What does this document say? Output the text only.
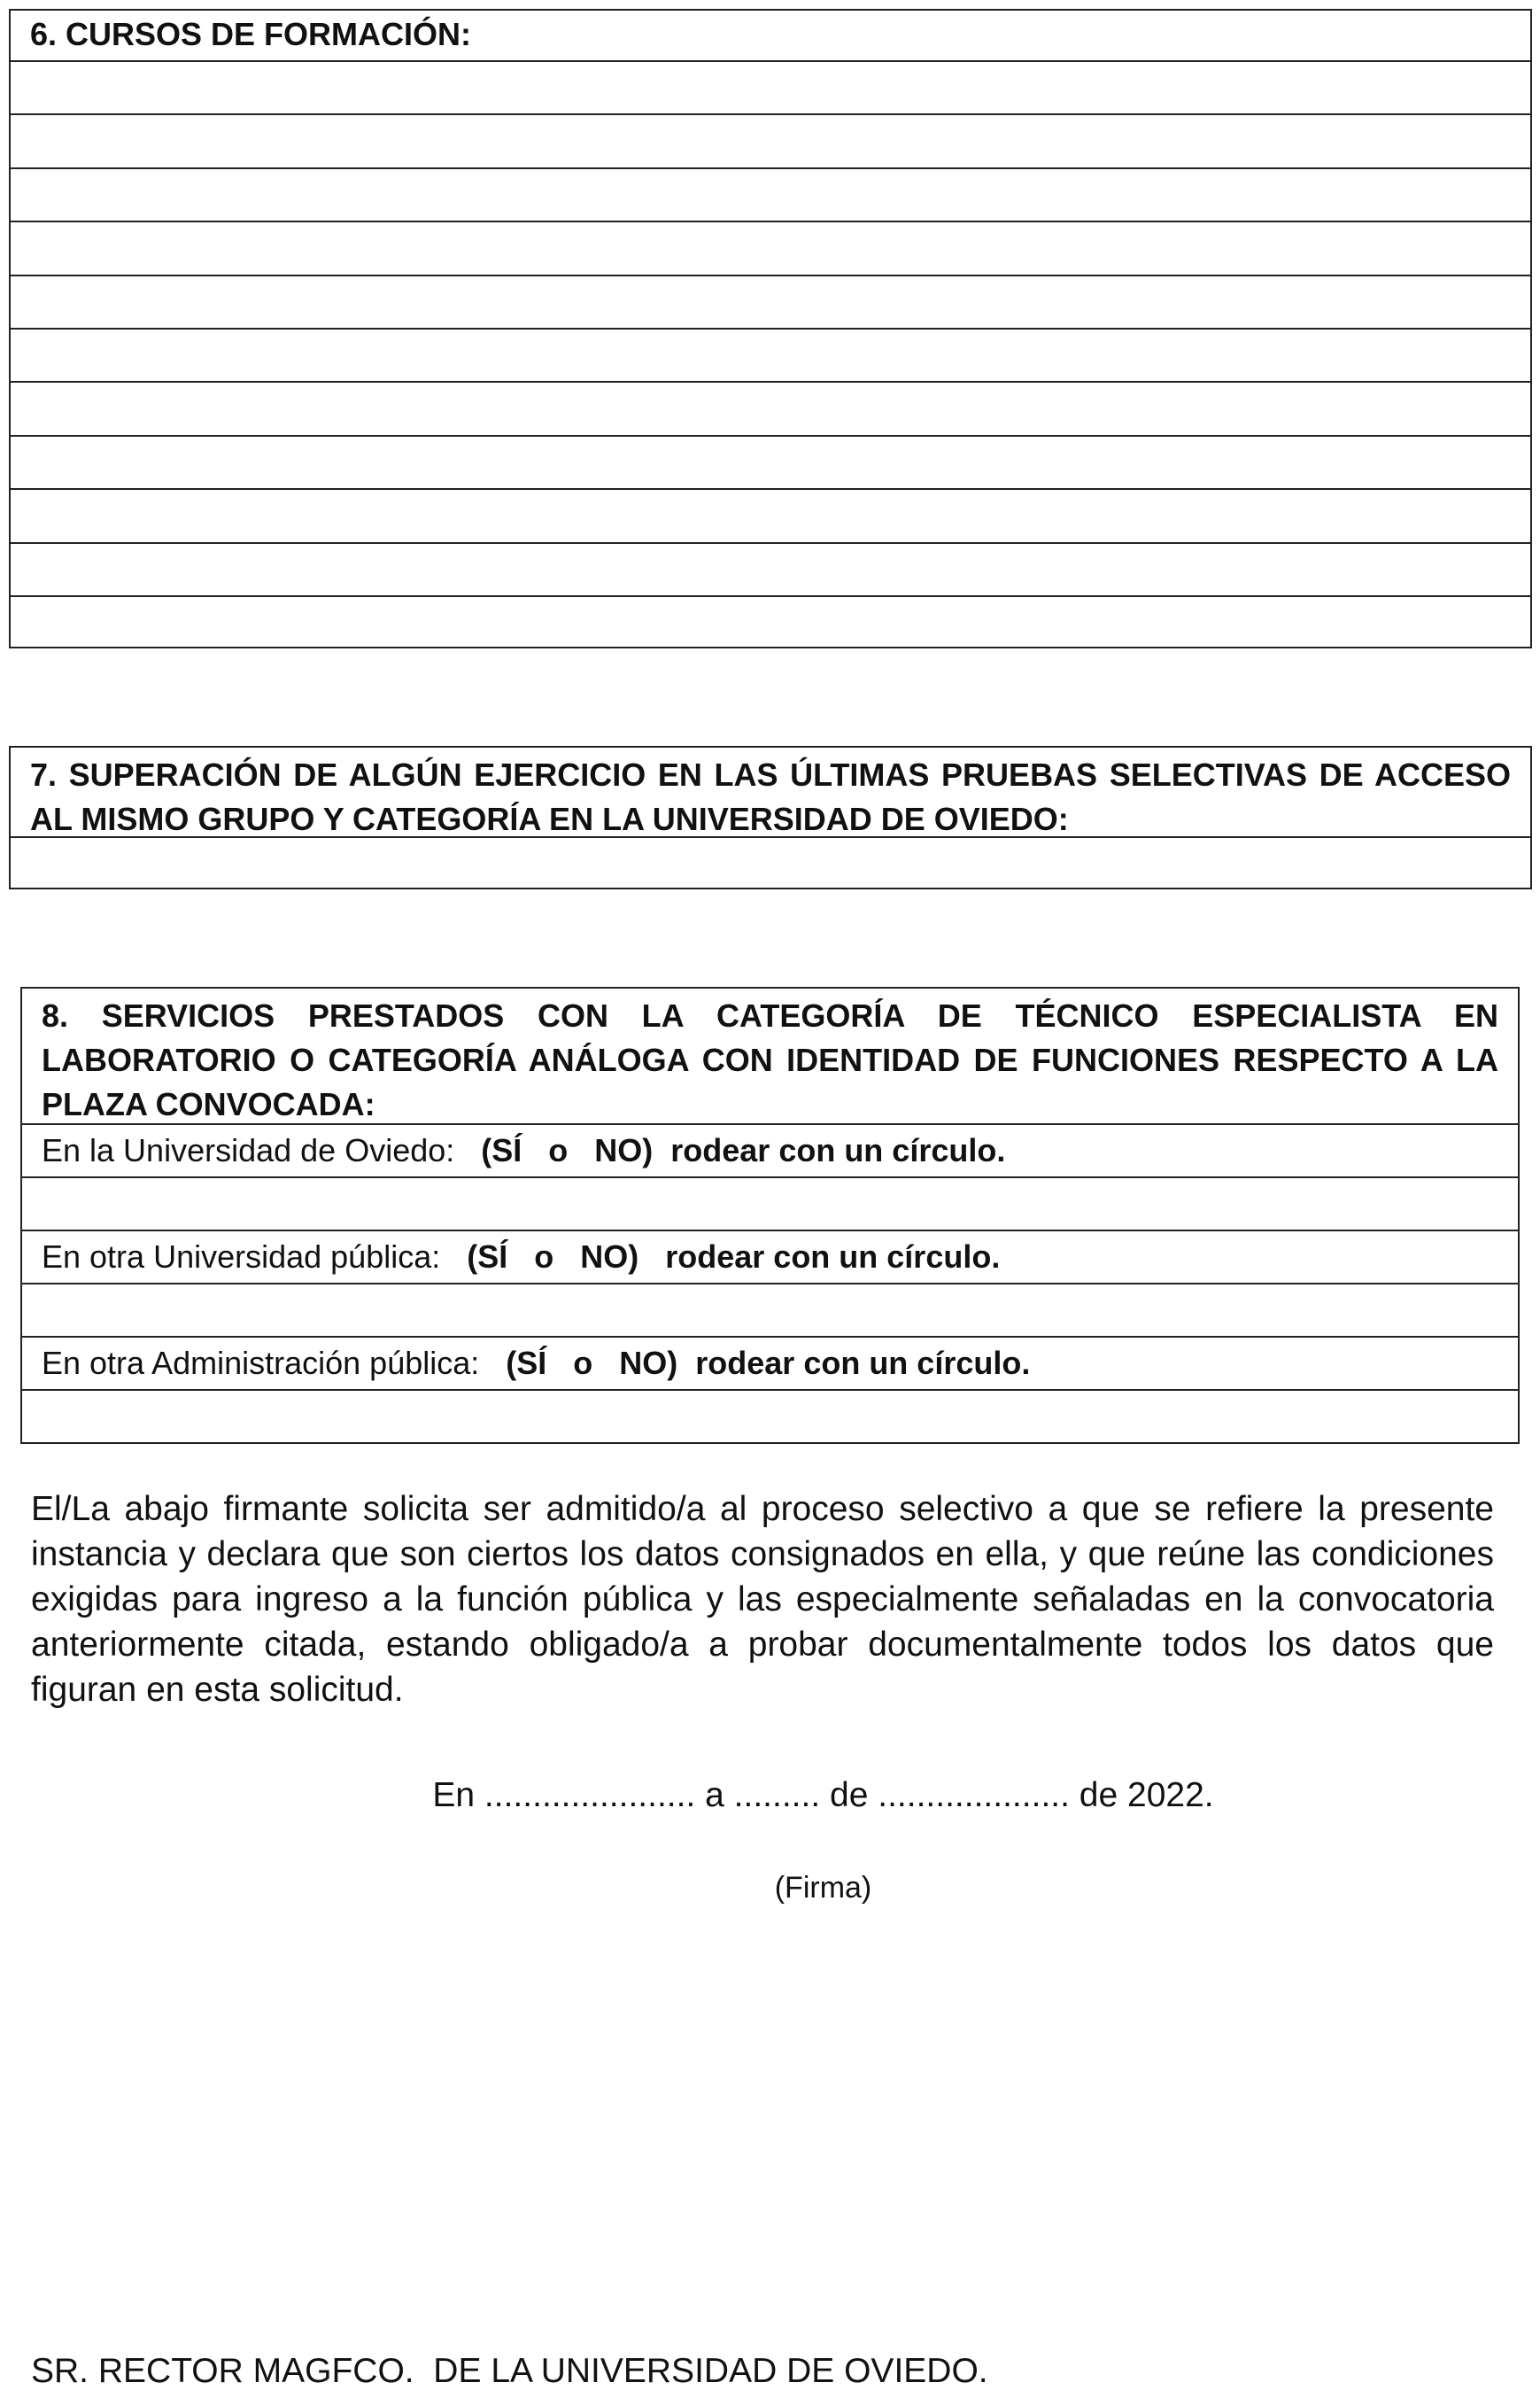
6. CURSOS DE FORMACIÓN:
7. SUPERACIÓN DE ALGÚN EJERCICIO EN LAS ÚLTIMAS PRUEBAS SELECTIVAS DE ACCESO AL MISMO GRUPO Y CATEGORÍA EN LA UNIVERSIDAD DE OVIEDO:
8. SERVICIOS PRESTADOS CON LA CATEGORÍA DE TÉCNICO ESPECIALISTA EN LABORATORIO O CATEGORÍA ANÁLOGA CON IDENTIDAD DE FUNCIONES RESPECTO A LA PLAZA CONVOCADA:
En la Universidad de Oviedo: (SÍ   o   NO)  rodear con un círculo.
En otra Universidad pública: (SÍ   o   NO)   rodear con un círculo.
En otra Administración pública: (SÍ   o   NO)  rodear con un círculo.
El/La abajo firmante solicita ser admitido/a al proceso selectivo a que se refiere la presente instancia y declara que son ciertos los datos consignados en ella, y que reúne las condiciones exigidas para ingreso a la función pública y las especialmente señaladas en la convocatoria anteriormente citada, estando obligado/a a probar documentalmente todos los datos que figuran en esta solicitud.
En ...................... a ......... de .................... de 2022.
(Firma)
SR. RECTOR MAGFCO.  DE LA UNIVERSIDAD DE OVIEDO.
